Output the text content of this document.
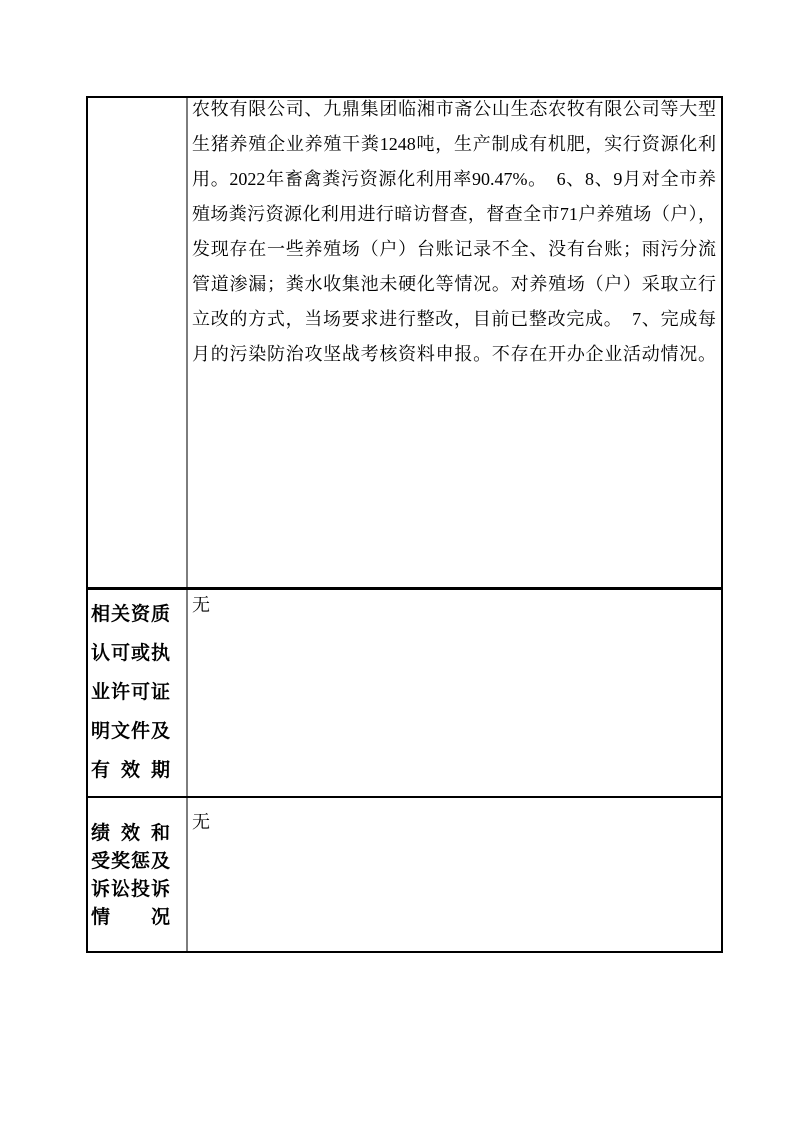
农牧有限公司、九鼎集团临湘市斋公山生态农牧有限公司等大型
生猪养殖企业养殖干粪1248吨，生产制成有机肥，实行资源化利
用。2022年畜禽粪污资源化利用率90.47%。　6、8、9月对全市养
殖场粪污资源化利用进行暗访督查，督查全市71户养殖场（户），
发现存在一些养殖场（户）台账记录不全、没有台账；雨污分流
管道渗漏；粪水收集池未硬化等情况。对养殖场（户）采取立行
立改的方式，当场要求进行整改，目前已整改完成。　7、完成每
月的污染防治攻坚战考核资料申报。不存在开办企业活动情况。
相关资质
认可或执
业许可证
明文件及
有效期
无
绩效和
受奖惩及
诉讼投诉
情况
无
